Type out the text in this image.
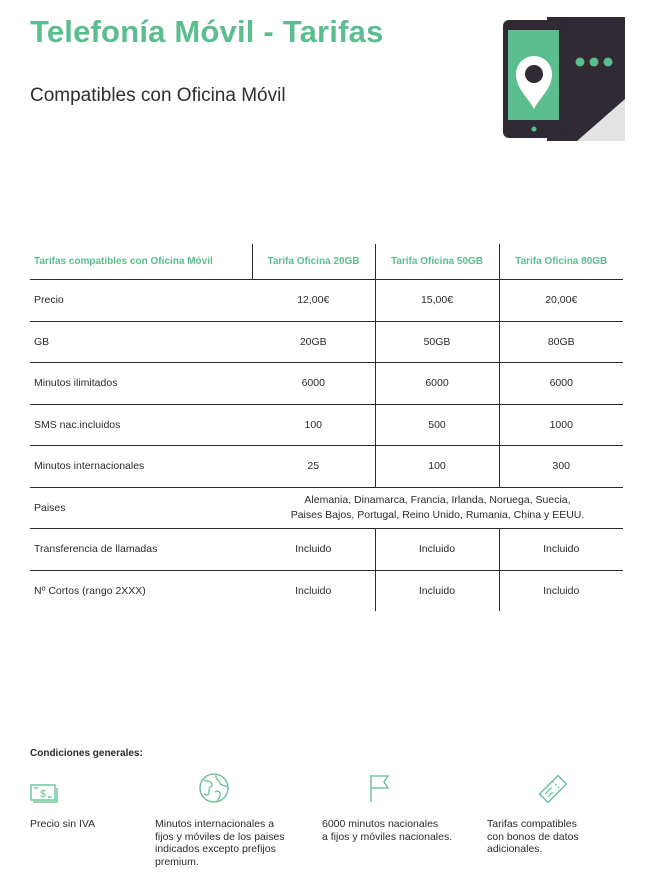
Telefonía Móvil - Tarifas
Compatibles con Oficina Móvil
Tarifas compatibles con Oficina Móvil	Tarifa Oficina 20GB	Tarifa Oficina 50GB	Tarifa Oficina 80GB
Precio	12,00€	15,00€	20,00€
GB	20GB	50GB	80GB
Minutos ilimitados	6000	6000	6000
SMS nac.incluidos	100	500	1000
Minutos internacionales	25	100	300
Paises	Alemania, Dinamarca, Francia, Irlanda, Noruega, Suecia,
Paises Bajos, Portugal, Reino Unido, Rumania, China y EEUU.		
Transferencia de llamadas	Incluido	Incluido	Incluido
Nº Cortos (rango 2XXX)	Incluido	Incluido	Incluido

Condiciones generales:

$
Precio sin IVA	Minutos internacionales a
fijos y móviles de los paises
indicados excepto prefijos
premium.
6000 minutos nacionales
a fijos y móviles nacionales.
Tarifas compatibles
con bonos de datos
adicionales.
